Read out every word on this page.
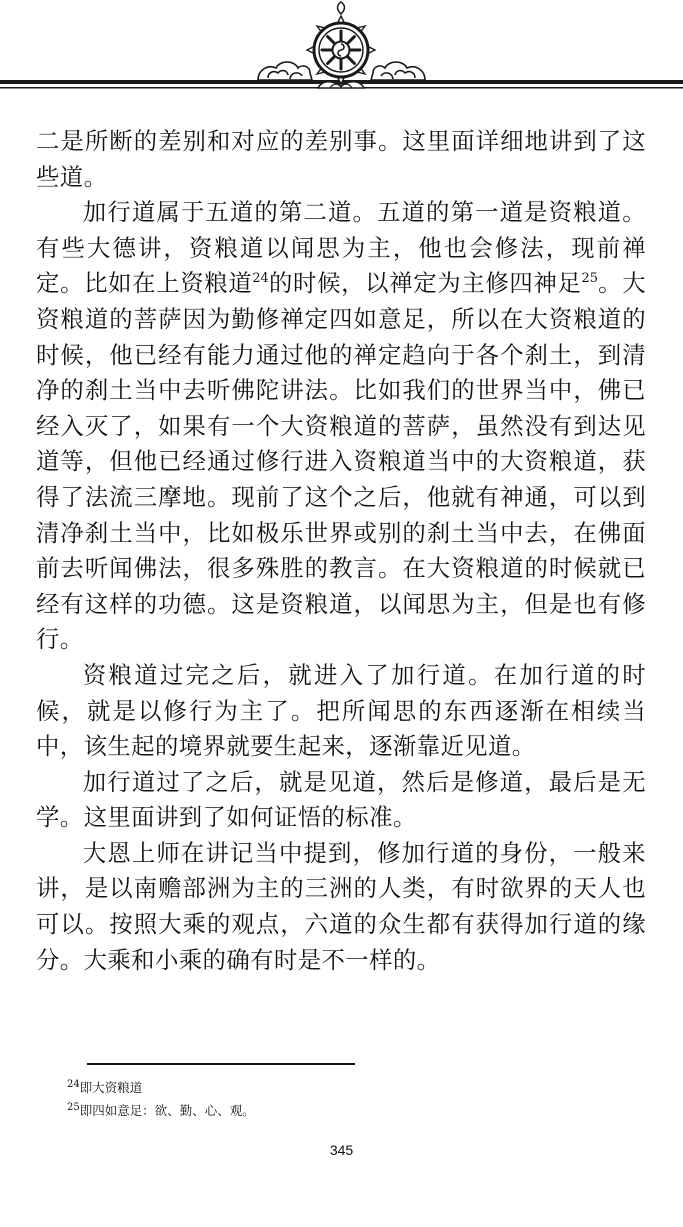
二是所断的差别和对应的差别事。这里面详细地讲到了这些道。

加行道属于五道的第二道。五道的第一道是资粮道。有些大德讲，资粮道以闻思为主，他也会修法，现前禅定。比如在上资粮道$^{24}$的时候，以禅定为主修四神足$^{25}$。大资粮道的菩萨因为勤修禅定四如意足，所以在大资粮道的时候，他已经有能力通过他的禅定趋向于各个刹土，到清净的刹土当中去听佛陀讲法。比如我们的世界当中，佛已经入灭了，如果有一个大资粮道的菩萨，虽然没有到达见道等，但他已经通过修行进入资粮道当中的大资粮道，获得了法流三摩地。现前了这个之后，他就有神通，可以到清净刹土当中，比如极乐世界或别的刹土当中去，在佛面前去听闻佛法，很多殊胜的教言。在大资粮道的时候就已经有这样的功德。这是资粮道，以闻思为主，但是也有修行。

资粮道过完之后，就进入了加行道。在加行道的时候，就是以修行为主了。把所闻思的东西逐渐在相续当中，该生起的境界就要生起来，逐渐靠近见道。

加行道过了之后，就是见道，然后是修道，最后是无学。这里面讲到了如何证悟的标准。

大恩上师在讲记当中提到，修加行道的身份，一般来讲，是以南赡部洲为主的三洲的人类，有时欲界的天人也可以。按照大乘的观点，六道的众生都有获得加行道的缘分。大乘和小乘的确有时是不一样的。

$^{24}$即大资粮道
$^{25}$即四如意足：欲、勤、心、观。
345
